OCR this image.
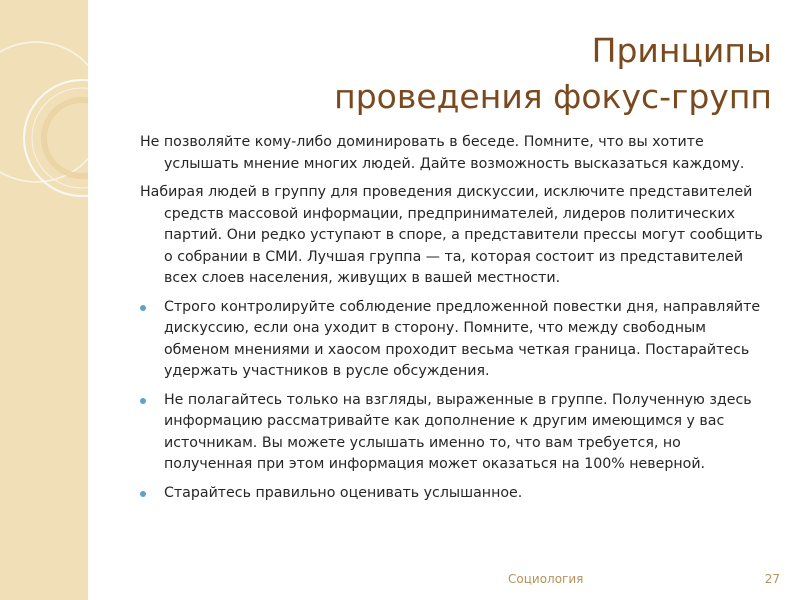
Принципы
проведения фокус-групп

Не позволяйте кому-либо доминировать в беседе. Помните, что вы хотите услышать мнение многих людей. Дайте возможность высказаться каждому.

Набирая людей в группу для проведения дискуссии, исключите представителей средств массовой информации, предпринимателей, лидеров политических партий. Они редко уступают в споре, а представители прессы могут сообщить о собрании в СМИ. Лучшая группа — та, которая состоит из представителей всех слоев населения, живущих в вашей местности.

Строго контролируйте соблюдение предложенной повестки дня, направляйте дискуссию, если она уходит в сторону. Помните, что между свободным обменом мнениями и хаосом проходит весьма четкая граница. Постарайтесь удержать участников в русле обсуждения.
Не полагайтесь только на взгляды, выраженные в группе. Полученную здесь информацию рассматривайте как дополнение к другим имеющимся у вас источникам. Вы можете услышать именно то, что вам требуется, но полученная при этом информация может оказаться на 100% неверной.
Старайтесь правильно оценивать услышанное.
Социология	27
